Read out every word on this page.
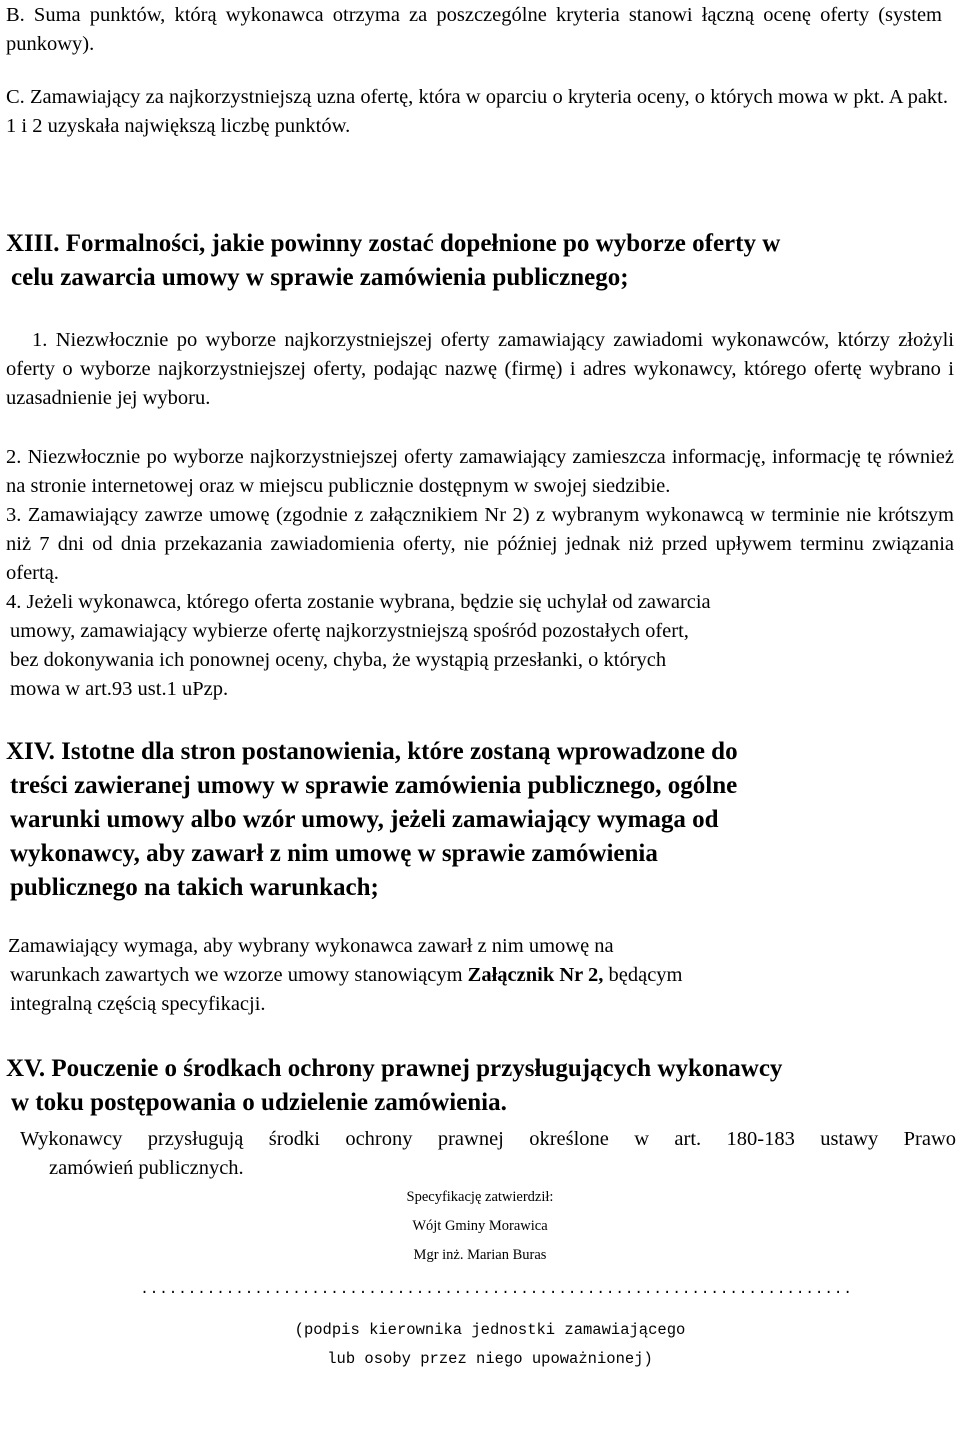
B. Suma punktów, którą wykonawca otrzyma za poszczególne kryteria stanowi łączną ocenę oferty (system punkowy).
C. Zamawiający za najkorzystniejszą uzna ofertę, która w oparciu o kryteria oceny, o których mowa w pkt. A pakt. 1 i 2 uzyskała największą liczbę punktów.
XIII. Formalności, jakie powinny zostać dopełnione po wyborze oferty w
celu zawarcia umowy w sprawie zamówienia publicznego;
1. Niezwłocznie po wyborze najkorzystniejszej oferty zamawiający zawiadomi wykonawców, którzy złożyli oferty o wyborze najkorzystniejszej oferty, podając nazwę (firmę) i adres wykonawcy, którego ofertę wybrano i uzasadnienie jej wyboru.
2. Niezwłocznie po wyborze najkorzystniejszej oferty zamawiający zamieszcza informację, informację tę również na stronie internetowej oraz w miejscu publicznie dostępnym w swojej siedzibie.
3. Zamawiający zawrze umowę (zgodnie z załącznikiem Nr 2) z wybranym wykonawcą w terminie nie krótszym niż 7 dni od dnia przekazania zawiadomienia oferty, nie później jednak niż przed upływem terminu związania ofertą.
4. Jeżeli wykonawca, którego oferta zostanie wybrana, będzie się uchylał od zawarcia
umowy, zamawiający wybierze ofertę najkorzystniejszą spośród pozostałych ofert,
bez dokonywania ich ponownej oceny, chyba, że wystąpią przesłanki, o których
mowa w art.93 ust.1 uPzp.
XIV. Istotne dla stron postanowienia, które zostaną wprowadzone do
treści zawieranej umowy w sprawie zamówienia publicznego, ogólne
warunki umowy albo wzór umowy, jeżeli zamawiający wymaga od
wykonawcy, aby zawarł z nim umowę w sprawie zamówienia
publicznego na takich warunkach;
Zamawiający wymaga, aby wybrany wykonawca zawarł z nim umowę na
warunkach zawartych we wzorze umowy stanowiącym Załącznik Nr 2, będącym
integralną częścią specyfikacji.
XV. Pouczenie o środkach ochrony prawnej przysługujących wykonawcy
w toku postępowania o udzielenie zamówienia.
Wykonawcy przysługują środki ochrony prawnej określone w art. 180-183 ustawy Prawo
zamówień publicznych.
Specyfikację zatwierdził:
Wójt Gminy Morawica
Mgr inż. Marian Buras
...........................................................................
(podpis kierownika jednostki zamawiającego
lub osoby przez niego upoważnionej)
